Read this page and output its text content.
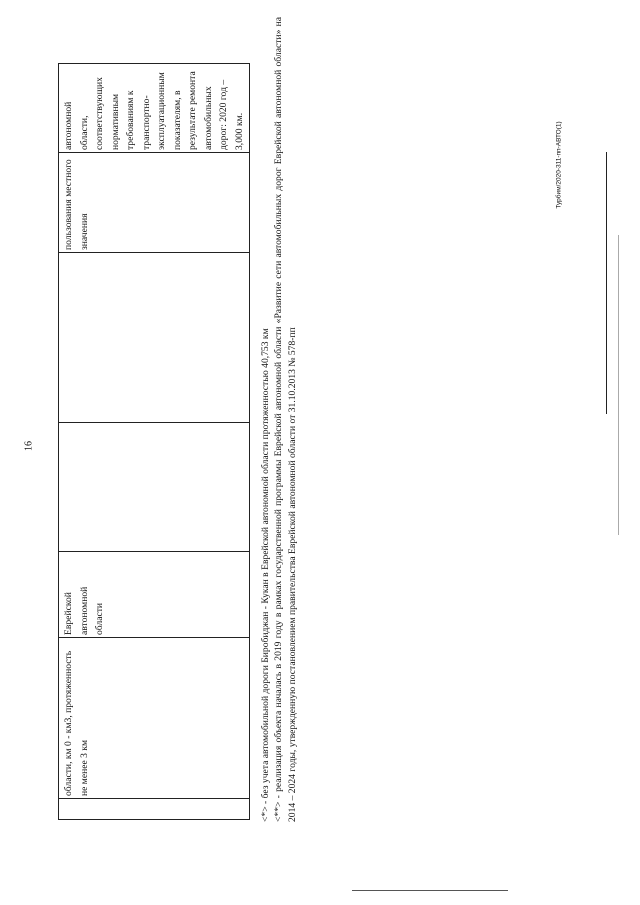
16
	области, км 0 - км3, протяженность не менее 3 км	Еврейской автономной области			пользования местного значения	автономной области, соответствующих нормативным требованиям к транспортно-эксплуатационным показателям, в результате ремонта автомобильных дорог: 2020 год – 3,000 км.

<*> - без учета автомобильной дороги Биробиджан - Кукан в Еврейской автономной области протяженностью 40,753 км <**> - реализация объекта началась в 2019 году в рамках государственной программы Еврейской автономной области «Развитие сети автомобильных дорог Еврейской автономной области» на 2014 – 2024 годы, утвержденную постановлением правительства Еврейской автономной области от 31.10.2013 № 578-пп

Турбим/2020-311-пп-АВТО(1)
